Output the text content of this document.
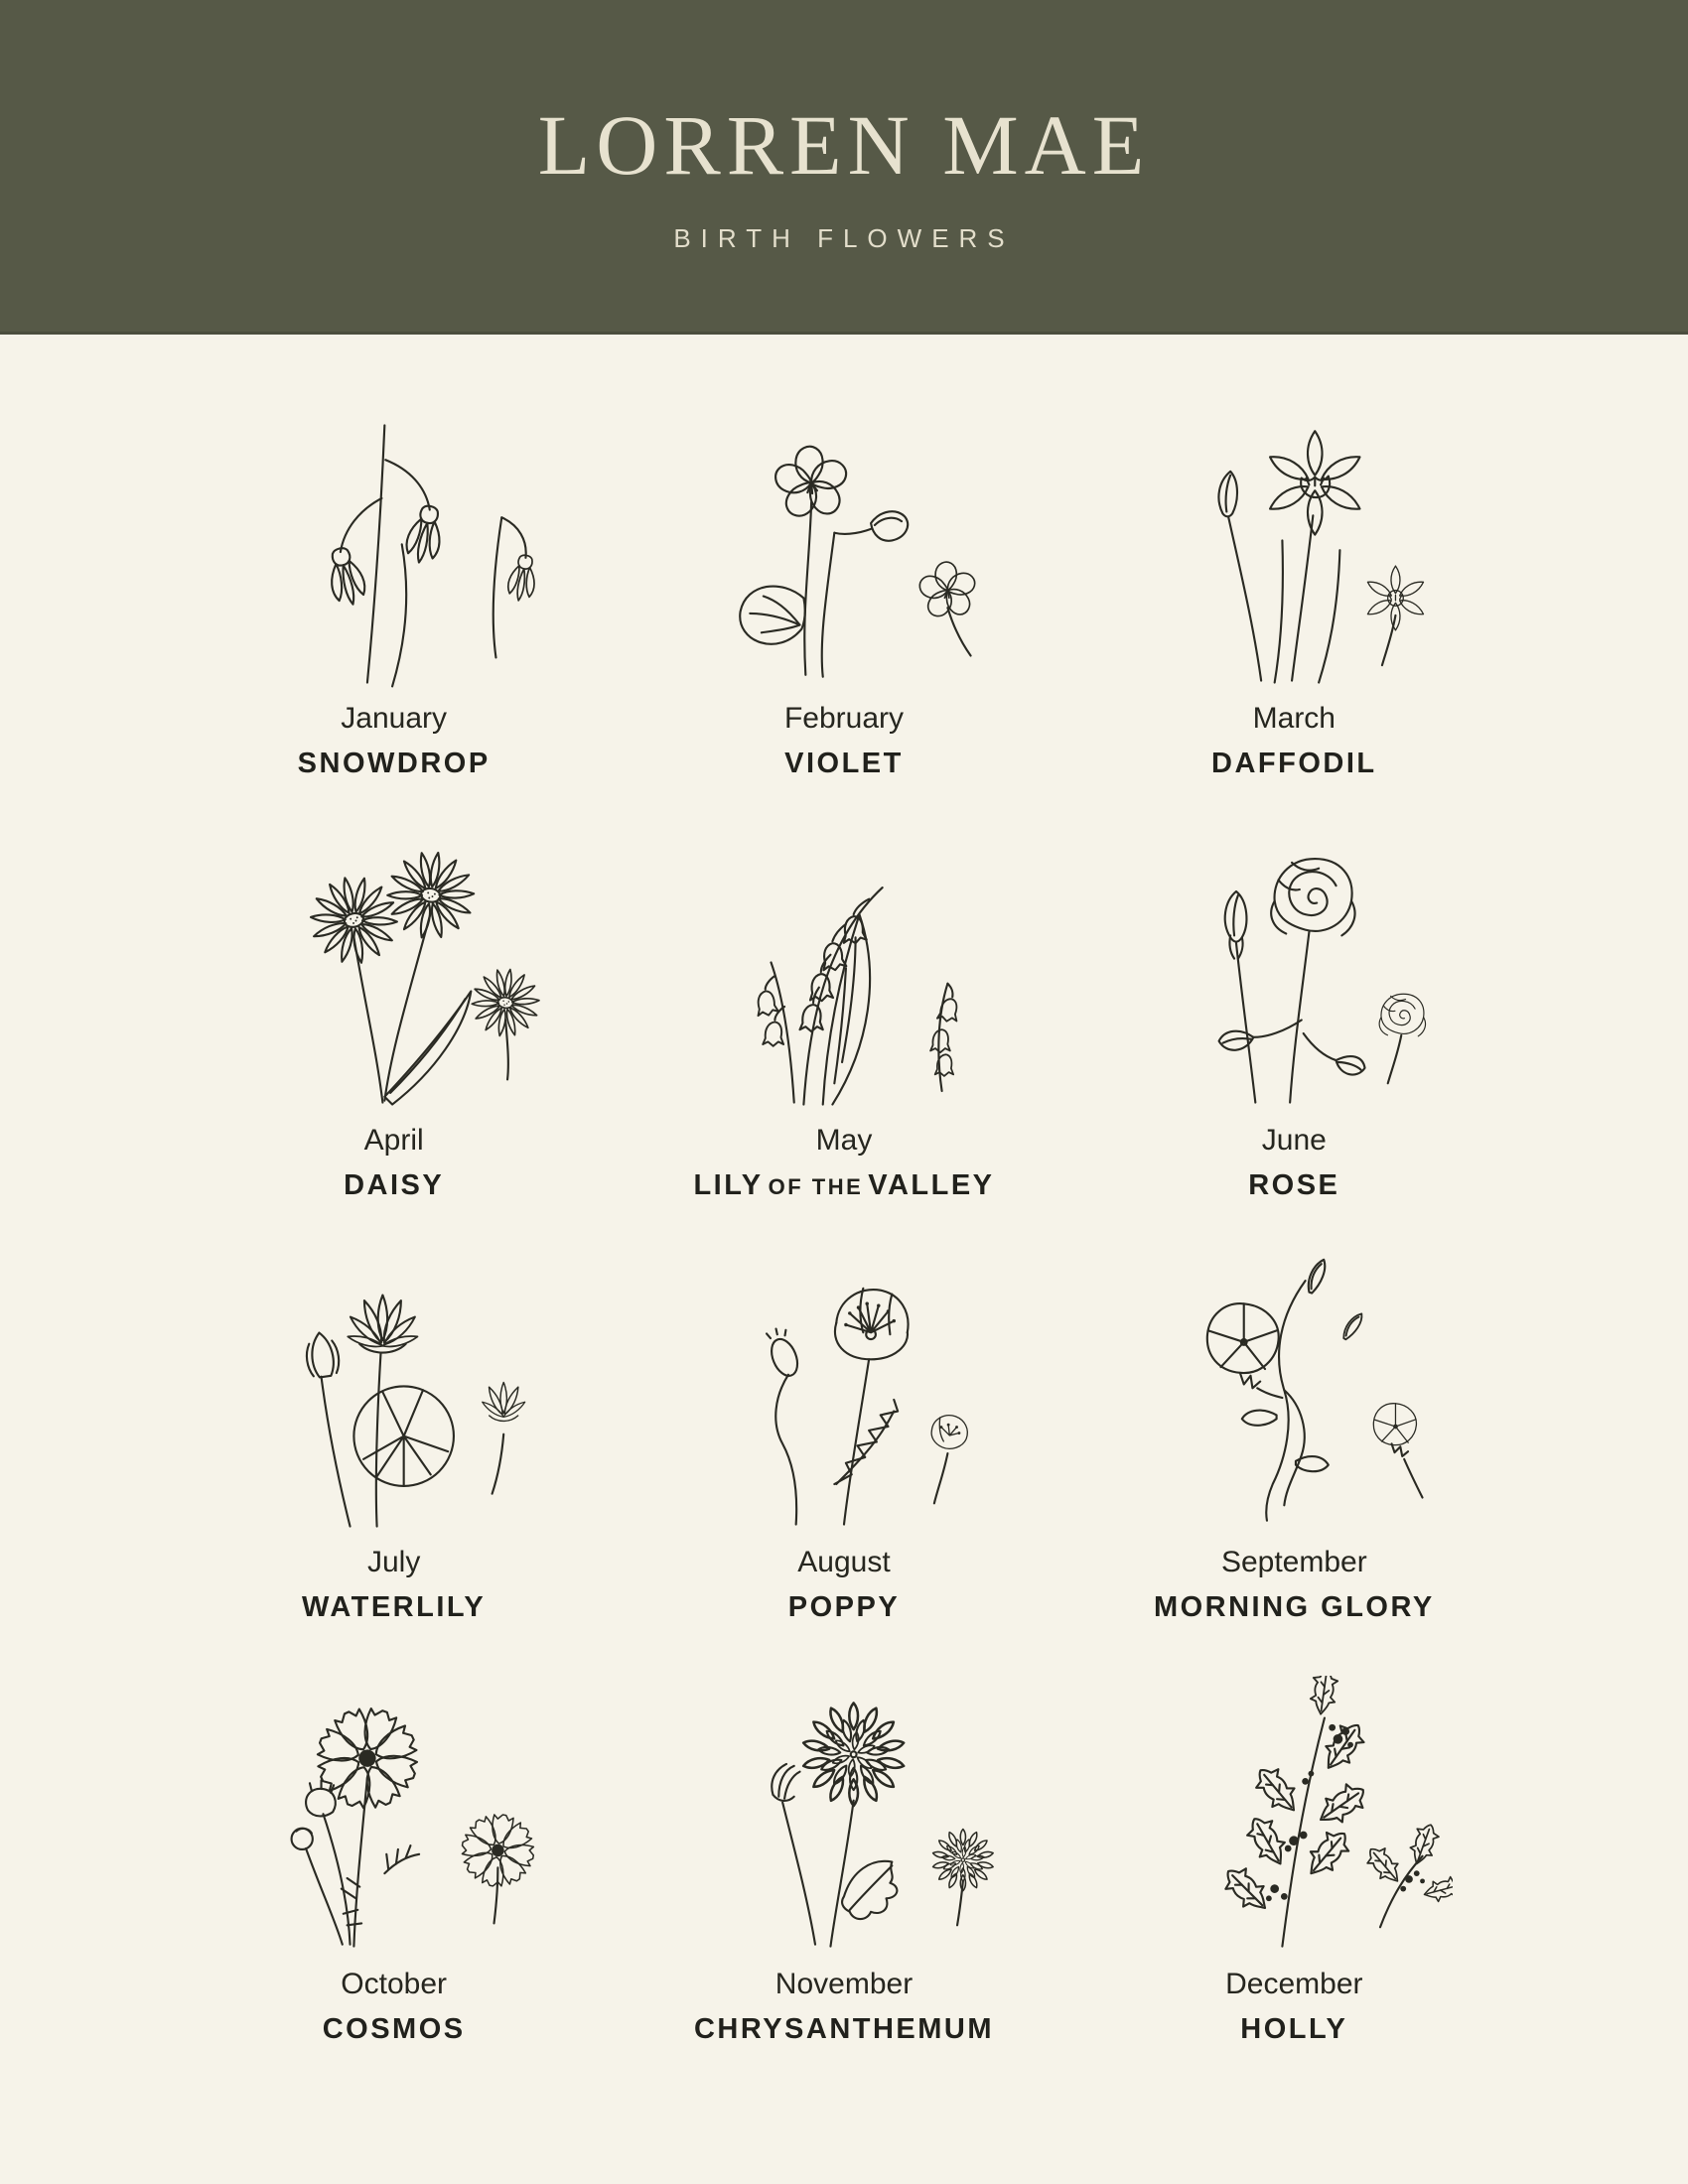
LORREN MAE
BIRTH FLOWERS
January
SNOWDROP
February
VIOLET
March
DAFFODIL
April
DAISY
May
LILY OF THE VALLEY
June
ROSE
July
WATERLILY
August
POPPY
September
MORNING GLORY
October
COSMOS
November
CHRYSANTHEMUM
December
HOLLY
